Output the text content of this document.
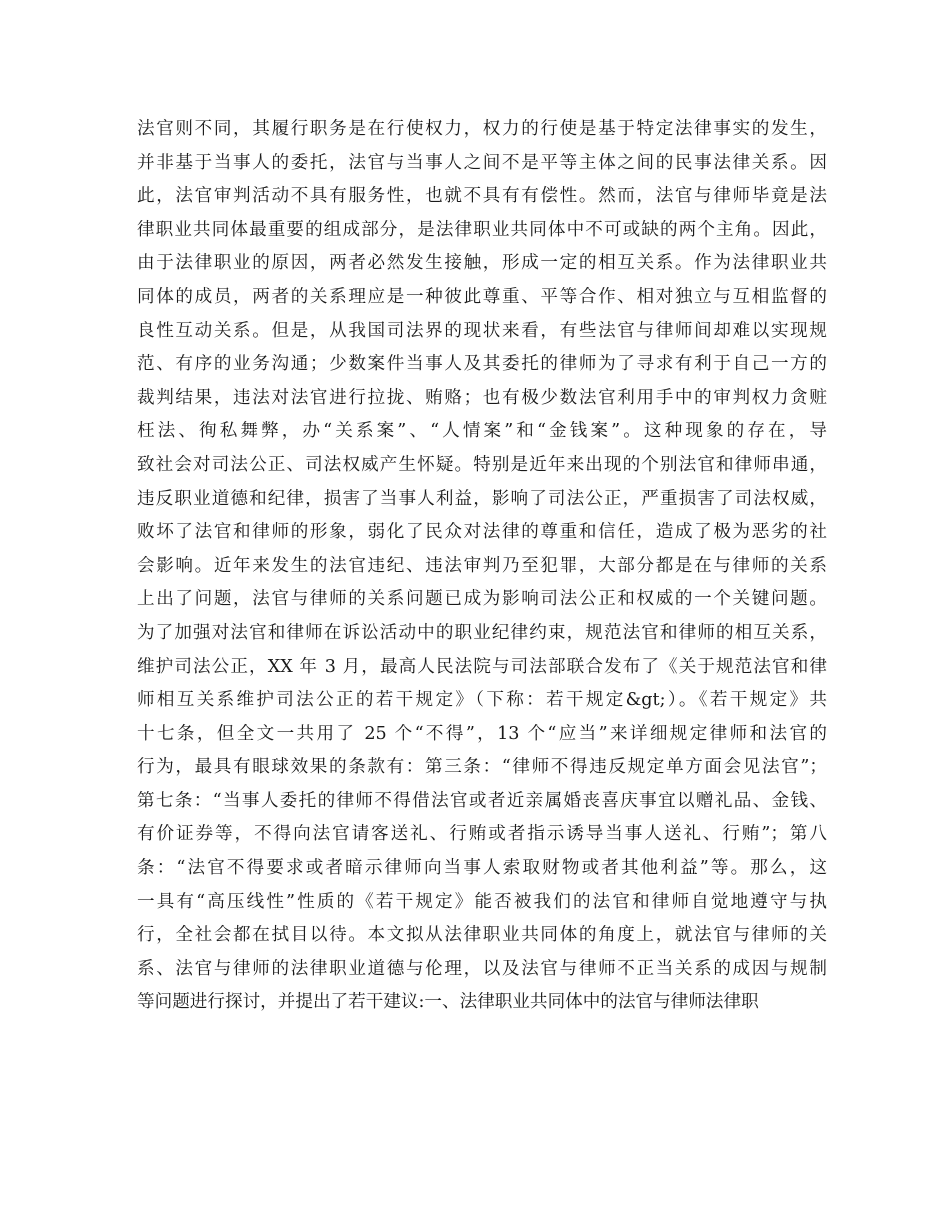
法官则不同，其履行职务是在行使权力，权力的行使是基于特定法律事实的发生，
并非基于当事人的委托，法官与当事人之间不是平等主体之间的民事法律关系。因
此，法官审判活动不具有服务性，也就不具有有偿性。然而，法官与律师毕竟是法
律职业共同体最重要的组成部分，是法律职业共同体中不可或缺的两个主角。因此，
由于法律职业的原因，两者必然发生接触，形成一定的相互关系。作为法律职业共
同体的成员，两者的关系理应是一种彼此尊重、平等合作、相对独立与互相监督的
良性互动关系。但是，从我国司法界的现状来看，有些法官与律师间却难以实现规
范、有序的业务沟通；少数案件当事人及其委托的律师为了寻求有利于自己一方的
裁判结果，违法对法官进行拉拢、贿赂；也有极少数法官利用手中的审判权力贪赃
枉法、徇私舞弊，办“关系案”、“人情案”和“金钱案”。这种现象的存在，导
致社会对司法公正、司法权威产生怀疑。特别是近年来出现的个别法官和律师串通，
违反职业道德和纪律，损害了当事人利益，影响了司法公正，严重损害了司法权威，
败坏了法官和律师的形象，弱化了民众对法律的尊重和信任，造成了极为恶劣的社
会影响。近年来发生的法官违纪、违法审判乃至犯罪，大部分都是在与律师的关系
上出了问题，法官与律师的关系问题已成为影响司法公正和权威的一个关键问题。
为了加强对法官和律师在诉讼活动中的职业纪律约束，规范法官和律师的相互关系，
维护司法公正，XX 年 3 月，最高人民法院与司法部联合发布了《关于规范法官和律
师相互关系维护司法公正的若干规定》（下称：若干规定&gt;）。《若干规定》共
十七条，但全文一共用了 25 个“不得”，13 个“应当”来详细规定律师和法官的
行为，最具有眼球效果的条款有：第三条：“律师不得违反规定单方面会见法官”；
第七条：“当事人委托的律师不得借法官或者近亲属婚丧喜庆事宜以赠礼品、金钱、
有价证券等，不得向法官请客送礼、行贿或者指示诱导当事人送礼、行贿”；第八
条：“法官不得要求或者暗示律师向当事人索取财物或者其他利益”等。那么，这
一具有“高压线性”性质的《若干规定》能否被我们的法官和律师自觉地遵守与执
行，全社会都在拭目以待。本文拟从法律职业共同体的角度上，就法官与律师的关
系、法官与律师的法律职业道德与伦理，以及法官与律师不正当关系的成因与规制
等问题进行探讨，并提出了若干建议:一、法律职业共同体中的法官与律师法律职
